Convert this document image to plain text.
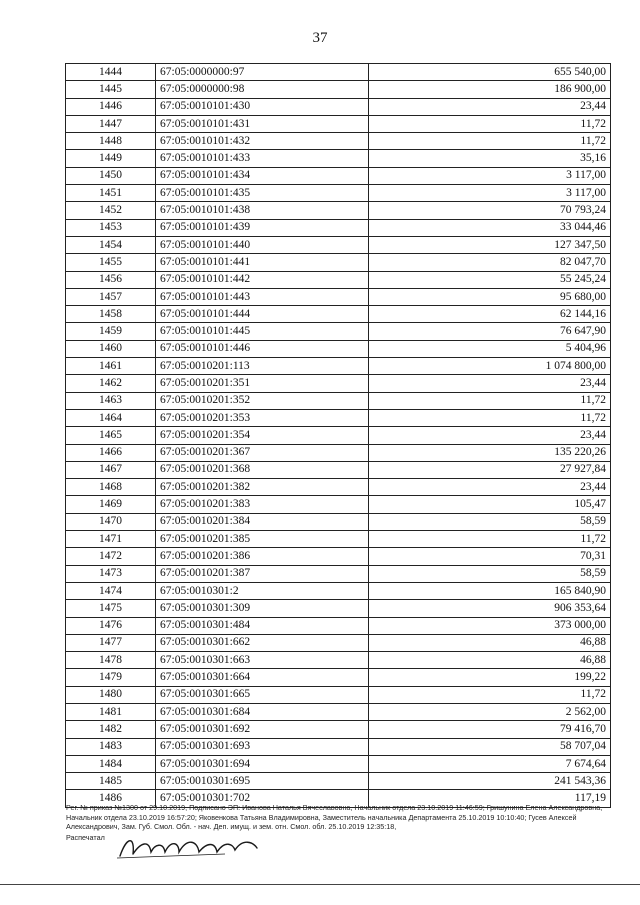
37
1444	67:05:0000000:97	655 540,00
1445	67:05:0000000:98	186 900,00
1446	67:05:0010101:430	23,44
1447	67:05:0010101:431	11,72
1448	67:05:0010101:432	11,72
1449	67:05:0010101:433	35,16
1450	67:05:0010101:434	3 117,00
1451	67:05:0010101:435	3 117,00
1452	67:05:0010101:438	70 793,24
1453	67:05:0010101:439	33 044,46
1454	67:05:0010101:440	127 347,50
1455	67:05:0010101:441	82 047,70
1456	67:05:0010101:442	55 245,24
1457	67:05:0010101:443	95 680,00
1458	67:05:0010101:444	62 144,16
1459	67:05:0010101:445	76 647,90
1460	67:05:0010101:446	5 404,96
1461	67:05:0010201:113	1 074 800,00
1462	67:05:0010201:351	23,44
1463	67:05:0010201:352	11,72
1464	67:05:0010201:353	11,72
1465	67:05:0010201:354	23,44
1466	67:05:0010201:367	135 220,26
1467	67:05:0010201:368	27 927,84
1468	67:05:0010201:382	23,44
1469	67:05:0010201:383	105,47
1470	67:05:0010201:384	58,59
1471	67:05:0010201:385	11,72
1472	67:05:0010201:386	70,31
1473	67:05:0010201:387	58,59
1474	67:05:0010301:2	165 840,90
1475	67:05:0010301:309	906 353,64
1476	67:05:0010301:484	373 000,00
1477	67:05:0010301:662	46,88
1478	67:05:0010301:663	46,88
1479	67:05:0010301:664	199,22
1480	67:05:0010301:665	11,72
1481	67:05:0010301:684	2 562,00
1482	67:05:0010301:692	79 416,70
1483	67:05:0010301:693	58 707,04
1484	67:05:0010301:694	7 674,64
1485	67:05:0010301:695	241 543,36
1486	67:05:0010301:702	117,19
Рег. № приказ №1300 от 29.10.2019, Подписано ЭП: Иванова Наталья Вячеславовна, Начальник отдела 23.10.2019 11:46:59; Гришунина Елена Александровна, Начальник отдела 23.10.2019 16:57:20; Яковенкова Татьяна Владимировна, Заместитель начальника Департамента 25.10.2019 10:10:40; Гусев Алексей Александрович, Зам. Губ. Смол. Обл. - нач. Деп. имущ. и зем. отн. Смол. обл. 25.10.2019 12:35:18,
Распечатал
